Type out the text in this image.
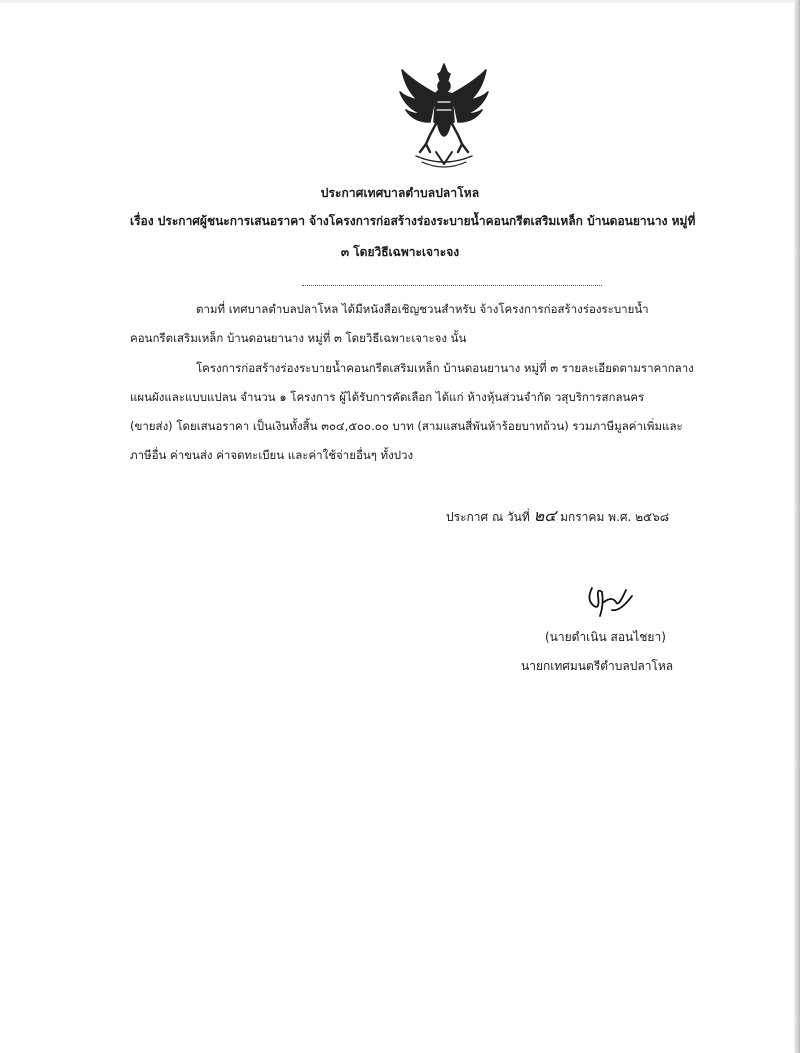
ประกาศเทศบาลตำบลปลาโหล
เรื่อง ประกาศผู้ชนะการเสนอราคา จ้างโครงการก่อสร้างร่องระบายน้ำคอนกรีตเสริมเหล็ก บ้านดอนยานาง หมู่ที่
๓ โดยวิธีเฉพาะเจาะจง
ตามที่ เทศบาลตำบลปลาโหล ได้มีหนังสือเชิญชวนสำหรับ จ้างโครงการก่อสร้างร่องระบายน้ำ
คอนกรีตเสริมเหล็ก บ้านดอนยานาง หมู่ที่ ๓ โดยวิธีเฉพาะเจาะจง นั้น
โครงการก่อสร้างร่องระบายน้ำคอนกรีตเสริมเหล็ก บ้านดอนยานาง หมู่ที่ ๓ รายละเอียดตามราคากลาง
แผนผังและแบบแปลน จำนวน ๑ โครงการ ผู้ได้รับการคัดเลือก ได้แก่ ห้างหุ้นส่วนจำกัด วสุบริการสกลนคร
(ขายส่ง) โดยเสนอราคา เป็นเงินทั้งสิ้น ๓๐๔,๕๐๐.๐๐ บาท (สามแสนสี่พันห้าร้อยบาทถ้วน) รวมภาษีมูลค่าเพิ่มและ
ภาษีอื่น ค่าขนส่ง ค่าจดทะเบียน และค่าใช้จ่ายอื่นๆ ทั้งปวง
ประกาศ ณ วันที่ ๒๔ มกราคม พ.ศ. ๒๕๖๘
(นายดำเนิน สอนไชยา)
นายกเทศมนตรีตำบลปลาโหล
